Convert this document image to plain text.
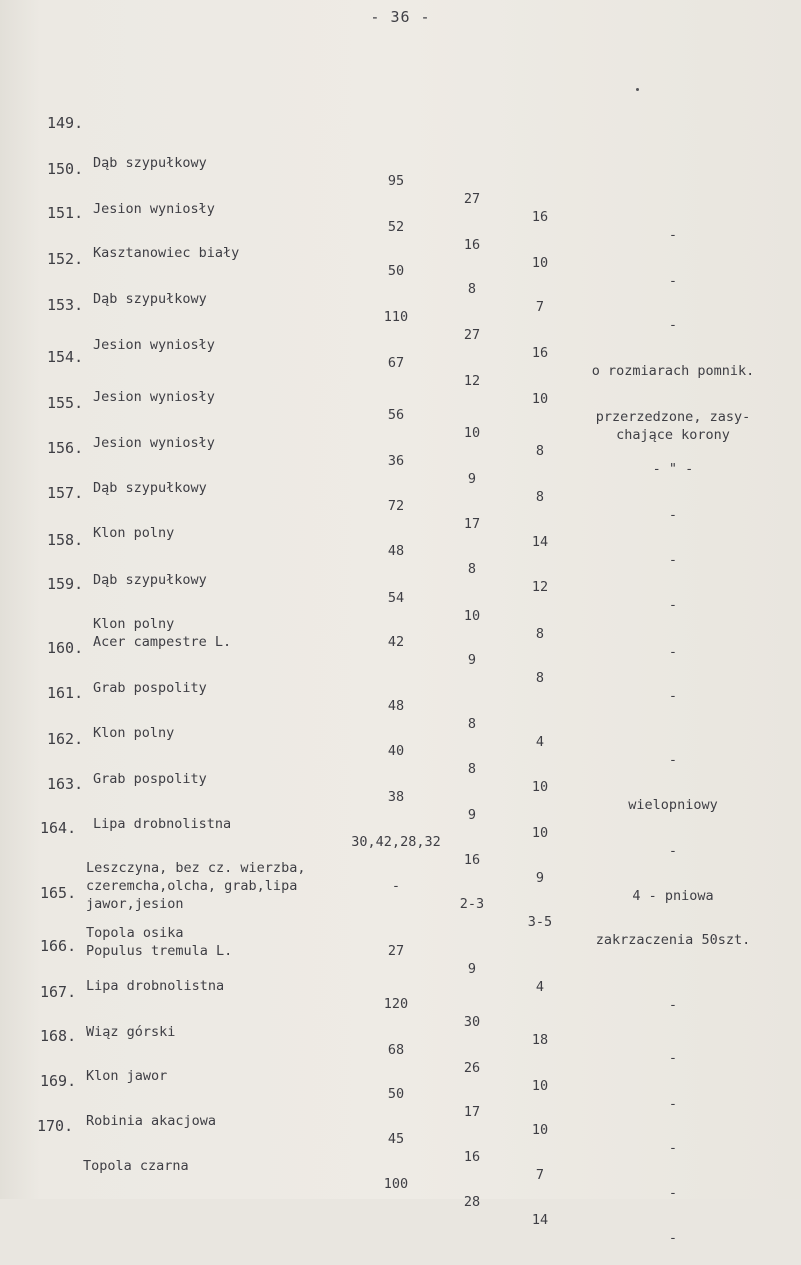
- 36 -

149.

Dąb szypułkowy

95

27

16

-

150.

Jesion wyniosły

52

16

10

-

151.

Kasztanowiec biały

50

8

7

-

152.

Dąb szypułkowy

110

27

16

o rozmiarach pomnik.

153.

Jesion wyniosły

67

12

10

przerzedzone, zasy-
chające korony

154.

Jesion wyniosły

56

10

8

- " -

155.

Jesion wyniosły

36

9

8

-

156.

Dąb szypułkowy

72

17

14

-

157.

Klon polny

48

8

12

-

158.

Dąb szypułkowy

54

10

8

-

159.

Klon polny
Acer campestre L.

	42

9

8

-

160.

Grab pospolity

48

8

4

-

161.

Klon polny

40

8

10

wielopniowy

162.

Grab pospolity

38

9

10

-

163.

Lipa drobnolistna

30,42,28,32

16

9

4 - pniowa

164.

Leszczyna, bez cz. wierzba,
czeremcha,olcha, grab,lipa
jawor,jesion

-

2-3

3-5

zakrzaczenia 50szt.

165.

Topola osika
Populus tremula L.

	27

9

4

-

166.

Lipa drobnolistna

120

30

18

-

167.

Wiąz górski

68

26

10

-

168.

Klon jawor

50

17

10

-

169.

Robinia akacjowa

45

16

7

-

170.

Topola czarna

100

28

14

-
